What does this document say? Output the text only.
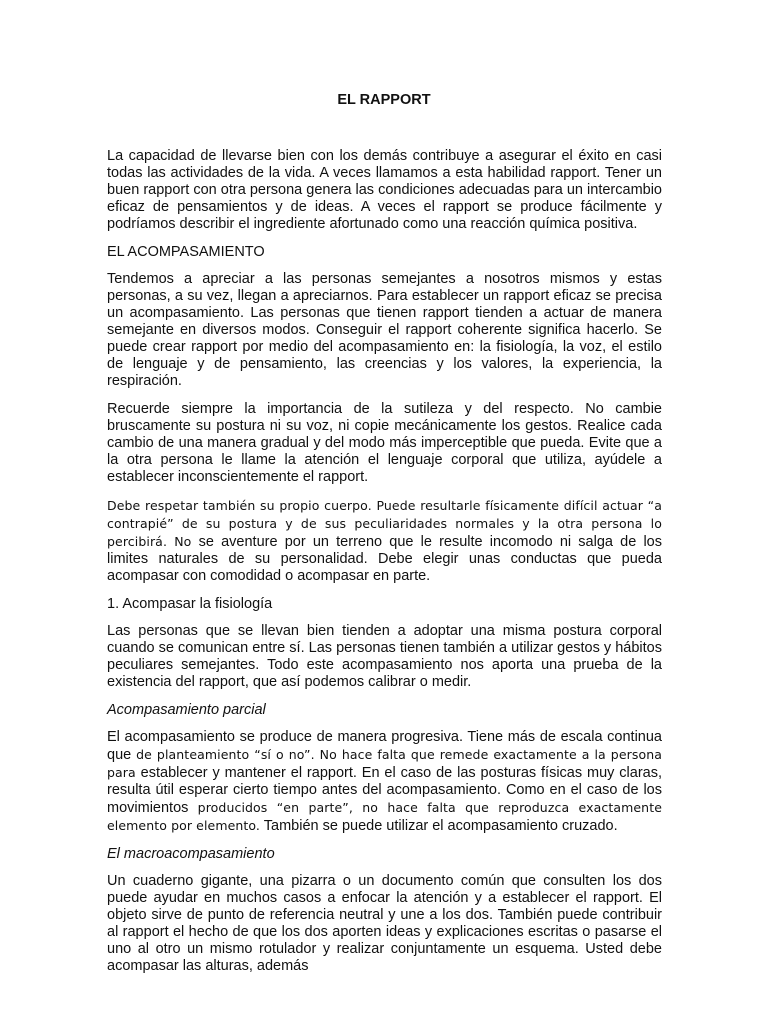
EL RAPPORT

La capacidad de llevarse bien con los demás contribuye a asegurar el éxito en casi todas las actividades de la vida. A veces llamamos a esta habilidad rapport. Tener un buen rapport con otra persona genera las condiciones adecuadas para un intercambio eficaz de pensamientos y de ideas. A veces el rapport se produce fácilmente y podríamos describir el ingrediente afortunado como una reacción química positiva.

EL ACOMPASAMIENTO

Tendemos a apreciar a las personas semejantes a nosotros mismos y estas personas, a su vez, llegan a apreciarnos. Para establecer un rapport eficaz se precisa un acompasamiento. Las personas que tienen rapport tienden a actuar de manera semejante en diversos modos. Conseguir el rapport coherente significa hacerlo. Se puede crear rapport por medio del acompasamiento en: la fisiología, la voz, el estilo de lenguaje y de pensamiento, las creencias y los valores, la experiencia, la respiración.

Recuerde siempre la importancia de la sutileza y del respecto. No cambie bruscamente su postura ni su voz, ni copie mecánicamente los gestos. Realice cada cambio de una manera gradual y del modo más imperceptible que pueda. Evite que a la otra persona le llame la atención el lenguaje corporal que utiliza, ayúdele a establecer inconscientemente el rapport.

Debe respetar también su propio cuerpo. Puede resultarle físicamente difícil actuar “a contrapié” de su postura y de sus peculiaridades normales y la otra persona lo percibirá. No se aventure por un terreno que le resulte incomodo ni salga de los limites naturales de su personalidad. Debe elegir unas conductas que pueda acompasar con comodidad o acompasar en parte.

1. Acompasar la fisiología

Las personas que se llevan bien tienden a adoptar una misma postura corporal cuando se comunican entre sí. Las personas tienen también a utilizar gestos y hábitos peculiares semejantes. Todo este acompasamiento nos aporta una prueba de la existencia del rapport, que así podemos calibrar o medir.

Acompasamiento parcial

El acompasamiento se produce de manera progresiva. Tiene más de escala continua que de planteamiento “sí o no”. No hace falta que remede exactamente a la persona para establecer y mantener el rapport. En el caso de las posturas físicas muy claras, resulta útil esperar cierto tiempo antes del acompasamiento. Como en el caso de los movimientos producidos “en parte”, no hace falta que reproduzca exactamente elemento por elemento. También se puede utilizar el acompasamiento cruzado.

El macroacompasamiento

Un cuaderno gigante, una pizarra o un documento común que consulten los dos puede ayudar en muchos casos a enfocar la atención y a establecer el rapport. El objeto sirve de punto de referencia neutral y une a los dos. También puede contribuir al rapport el hecho de que los dos aporten ideas y explicaciones escritas o pasarse el uno al otro un mismo rotulador y realizar conjuntamente un esquema. Usted debe acompasar las alturas, además
